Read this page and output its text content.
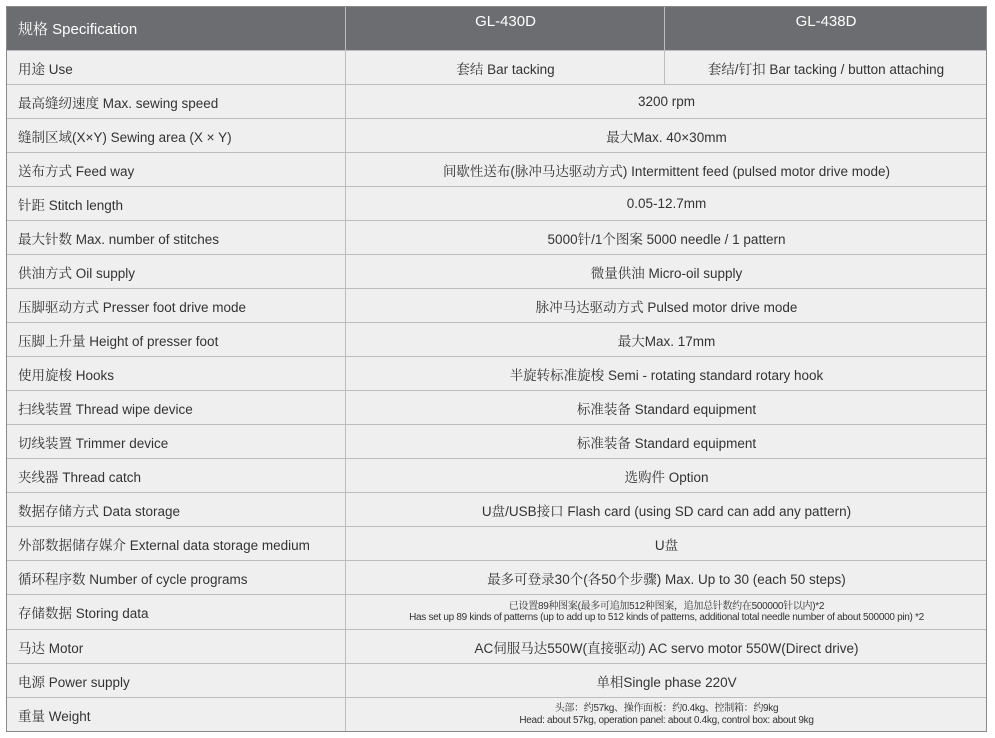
规格 Specification	GL-430D	GL-438D
用途 Use	套结 Bar tacking	套结/钉扣 Bar tacking / button attaching
最高缝纫速度 Max. sewing speed	3200 rpm
缝制区域(X×Y) Sewing area (X × Y)	最大Max. 40×30mm
送布方式 Feed way	间歇性送布(脉冲马达驱动方式) Intermittent feed (pulsed motor drive mode)
针距 Stitch length	0.05-12.7mm
最大针数 Max. number of stitches	5000针/1个图案 5000 needle / 1 pattern
供油方式 Oil supply	微量供油 Micro-oil supply
压脚驱动方式 Presser foot drive mode	脉冲马达驱动方式 Pulsed motor drive mode
压脚上升量 Height of presser foot	最大Max. 17mm
使用旋梭 Hooks	半旋转标准旋梭 Semi - rotating standard rotary hook
扫线装置 Thread wipe device	标准装备 Standard equipment
切线装置 Trimmer device	标准装备 Standard equipment
夹线器 Thread catch	选购件 Option
数据存储方式 Data storage	U盘/USB接口 Flash card (using SD card can add any pattern)
外部数据储存媒介 External data storage medium	U盘
循环程序数 Number of cycle programs	最多可登录30个(各50个步骤) Max. Up to 30 (each 50 steps)
存储数据 Storing data	已设置89种图案(最多可追加512种图案，追加总针数约在500000针以内)*2
Has set up 89 kinds of patterns (up to add up to 512 kinds of patterns, additional total needle number of about 500000 pin) *2
马达 Motor	AC伺服马达550W(直接驱动) AC servo motor 550W(Direct drive)
电源 Power supply	单相Single phase 220V
重量 Weight	头部：约57kg、操作面板：约0.4kg、控制箱：约9kg
Head: about 57kg, operation panel: about 0.4kg, control box: about 9kg
